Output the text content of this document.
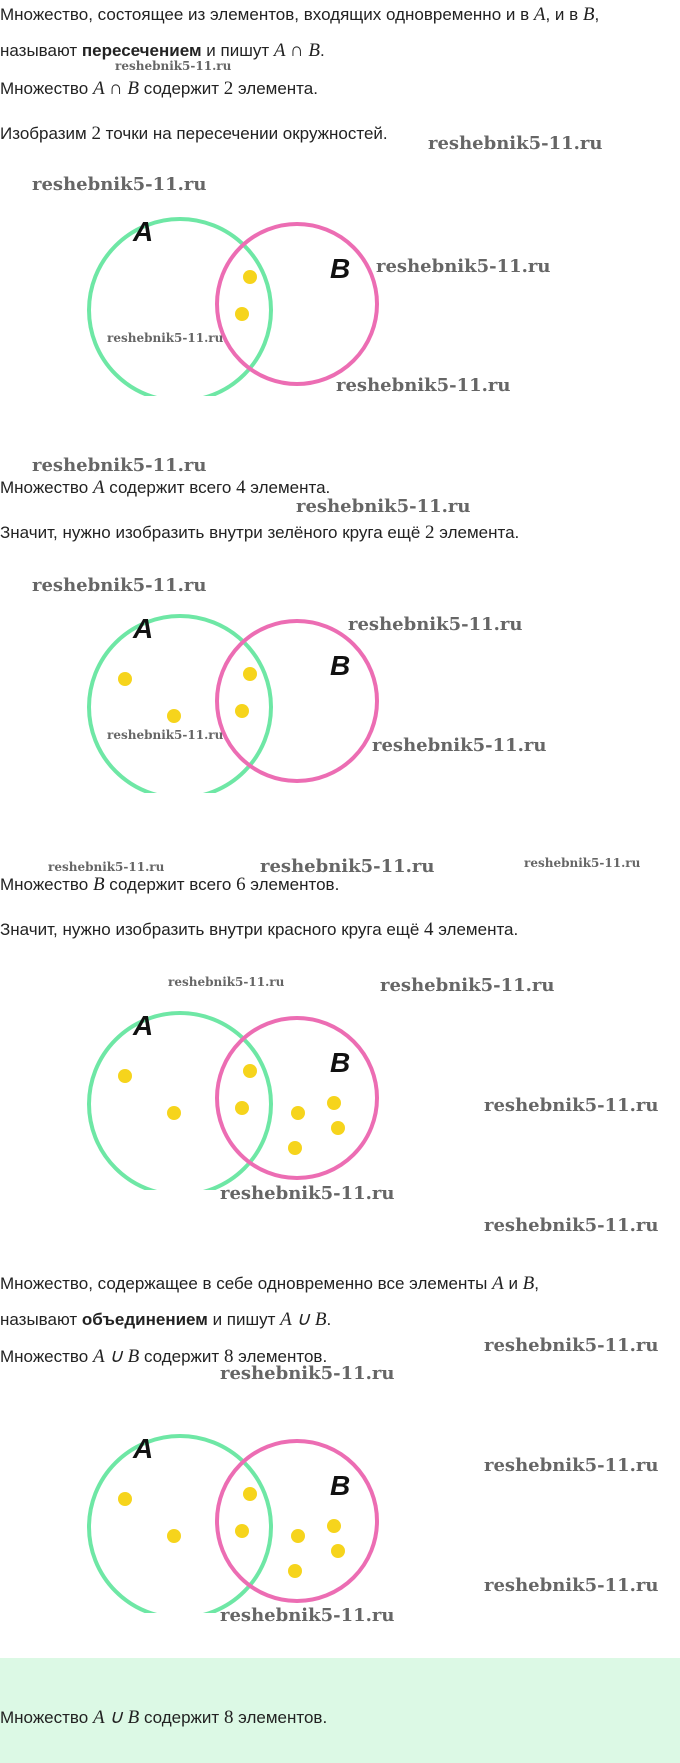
Множество, состоящее из элементов, входящих одновременно и в A, и в B,
называют пересечением и пишут A ∩ B.
Множество A ∩ B содержит 2 элемента.
Изобразим 2 точки на пересечении окружностей.
A
B
Множество A содержит всего 4 элемента.
Значит, нужно изобразить внутри зелёного круга ещё 2 элемента.
A
B
Множество B содержит всего 6 элементов.
Значит, нужно изобразить внутри красного круга ещё 4 элемента.
A
B
Множество, содержащее в себе одновременно все элементы A и B,
называют объединением и пишут A ∪ B.
Множество A ∪ B содержит 8 элементов.
A
B
Множество A ∪ B содержит 8 элементов.
reshebnik5-11.ru
reshebnik5-11.ru
reshebnik5-11.ru
reshebnik5-11.ru
reshebnik5-11.ru
reshebnik5-11.ru
reshebnik5-11.ru
reshebnik5-11.ru
reshebnik5-11.ru
reshebnik5-11.ru
reshebnik5-11.ru	reshebnik5-11.ru
reshebnik5-11.ru	reshebnik5-11.ru	reshebnik5-11.ru
reshebnik5-11.ru	reshebnik5-11.ru
reshebnik5-11.ru
reshebnik5-11.ru
reshebnik5-11.ru
reshebnik5-11.ru
reshebnik5-11.ru
reshebnik5-11.ru
reshebnik5-11.ru
reshebnik5-11.ru
